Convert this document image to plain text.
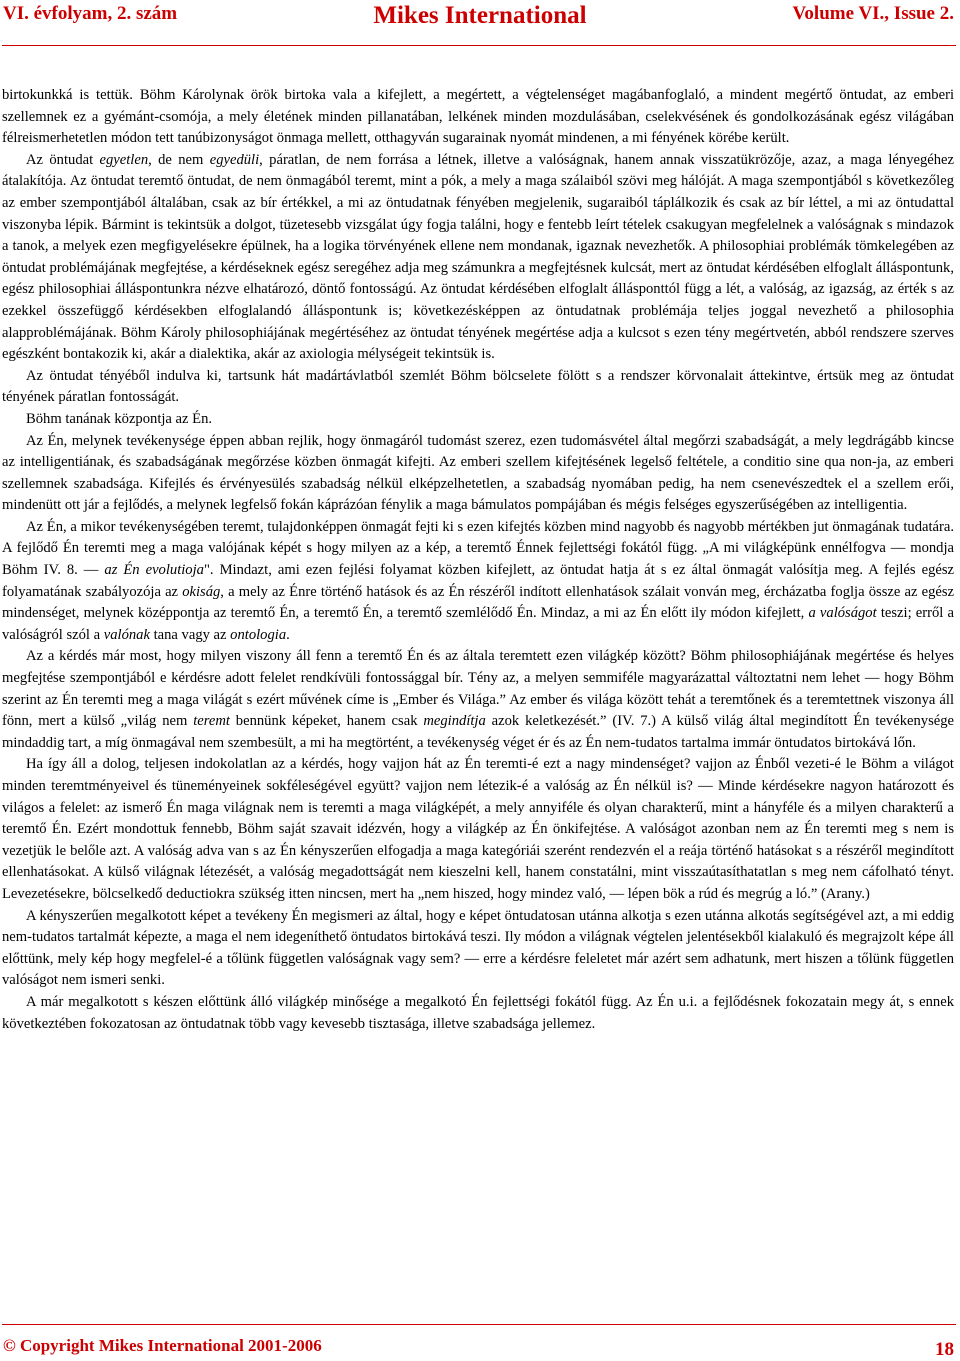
VI. évfolyam, 2. szám	Mikes International	Volume VI., Issue 2.

birtokunkká is tettük. Böhm Károlynak örök birtoka vala a kifejlett, a megértett, a végtelenséget magábanfoglaló, a mindent megértő öntudat, az emberi szellemnek ez a gyémánt-csomója, a mely életének minden pillanatában, lelkének minden mozdulásában, cselekvésének és gondolkozásának egész világában félreismerhetetlen módon tett tanúbizonyságot önmaga mellett, otthagyván sugarainak nyomát mindenen, a mi fényének körébe került.

Az öntudat egyetlen, de nem egyedüli, páratlan, de nem forrása a létnek, illetve a valóságnak, hanem annak visszatükrözője, azaz, a maga lényegéhez átalakítója. Az öntudat teremtő öntudat, de nem önmagából teremt, mint a pók, a mely a maga szálaiból szövi meg hálóját. A maga szempontjából s következőleg az ember szempontjából általában, csak az bír értékkel, a mi az öntudatnak fényében megjelenik, sugaraiból táplálkozik és csak az bír léttel, a mi az öntudattal viszonyba lépik. Bármint is tekintsük a dolgot, tüzetesebb vizsgálat úgy fogja találni, hogy e fentebb leírt tételek csakugyan megfelelnek a valóságnak s mindazok a tanok, a melyek ezen megfigyelésekre épülnek, ha a logika törvényének ellene nem mondanak, igaznak nevezhetők. A philosophiai problémák tömkelegében az öntudat problémájának megfejtése, a kérdéseknek egész seregéhez adja meg számunkra a megfejtésnek kulcsát, mert az öntudat kérdésében elfoglalt álláspontunk, egész philosophiai álláspontunkra nézve elhatározó, döntő fontosságú. Az öntudat kérdésében elfoglalt állásponttól függ a lét, a valóság, az igazság, az érték s az ezekkel összefüggő kérdésekben elfoglalandó álláspontunk is; következésképpen az öntudatnak problémája teljes joggal nevezhető a philosophia alapproblémájának. Böhm Károly philosophiájának megértéséhez az öntudat tényének megértése adja a kulcsot s ezen tény megértvetén, abból rendszere szerves egészként bontakozik ki, akár a dialektika, akár az axiologia mélységeit tekintsük is.

Az öntudat tényéből indulva ki, tartsunk hát madártávlatból szemlét Böhm bölcselete fölött s a rendszer körvonalait áttekintve, értsük meg az öntudat tényének páratlan fontosságát.

Böhm tanának központja az Én.

Az Én, melynek tevékenysége éppen abban rejlik, hogy önmagáról tudomást szerez, ezen tudomásvétel által megőrzi szabadságát, a mely legdrágább kincse az intelligentiának, és szabadságának megőrzése közben önmagát kifejti. Az emberi szellem kifejtésének legelső feltétele, a conditio sine qua non-ja, az emberi szellemnek szabadsága. Kifejlés és érvényesülés szabadság nélkül elképzelhetetlen, a szabadság nyomában pedig, ha nem csenevészedtek el a szellem erői, mindenütt ott jár a fejlődés, a melynek legfelső fokán káprázóan fénylik a maga bámulatos pompájában és mégis felséges egyszerűségében az intelligentia.

Az Én, a mikor tevékenységében teremt, tulajdonképpen önmagát fejti ki s ezen kifejtés közben mind nagyobb és nagyobb mértékben jut önmagának tudatára. A fejlődő Én teremti meg a maga valójának képét s hogy milyen az a kép, a teremtő Énnek fejlettségi fokától függ. „A mi világképünk ennélfogva — mondja Böhm IV. 8. — az Én evolutioja". Mindazt, ami ezen fejlési folyamat közben kifejlett, az öntudat hatja át s ez által önmagát valósítja meg. A fejlés egész folyamatának szabályozója az okiság, a mely az Énre történő hatások és az Én részéről indított ellenhatások szálait vonván meg, ércházatba foglja össze az egész mindenséget, melynek középpontja az teremtő Én, a teremtő Én, a teremtő szemlélődő Én. Mindaz, a mi az Én előtt ily módon kifejlett, a valóságot teszi; erről a valóságról szól a valónak tana vagy az ontologia.

Az a kérdés már most, hogy milyen viszony áll fenn a teremtő Én és az általa teremtett ezen világkép között? Böhm philosophiájának megértése és helyes megfejtése szempontjából e kérdésre adott felelet rendkívüli fontossággal bír. Tény az, a melyen semmiféle magyarázattal változtatni nem lehet — hogy Böhm szerint az Én teremti meg a maga világát s ezért művének címe is „Ember és Világa.” Az ember és világa között tehát a teremtőnek és a teremtettnek viszonya áll fönn, mert a külső „világ nem teremt bennünk képeket, hanem csak megindítja azok keletkezését.” (IV. 7.) A külső világ által megindított Én tevékenysége mindaddig tart, a míg önmagával nem szembesült, a mi ha megtörtént, a tevékenység véget ér és az Én nem-tudatos tartalma immár öntudatos birtokává lőn.

Ha így áll a dolog, teljesen indokolatlan az a kérdés, hogy vajjon hát az Én teremti-é ezt a nagy mindenséget? vajjon az Énből vezeti-é le Böhm a világot minden teremtményeivel és tüneményeinek sokféleségével együtt? vajjon nem létezik-é a valóság az Én nélkül is? — Minde kérdésekre nagyon határozott és világos a felelet: az ismerő Én maga világnak nem is teremti a maga világképét, a mely annyiféle és olyan charakterű, mint a hányféle és a milyen charakterű a teremtő Én. Ezért mondottuk fennebb, Böhm saját szavait idézvén, hogy a világkép az Én önkifejtése. A valóságot azonban nem az Én teremti meg s nem is vezetjük le belőle azt. A valóság adva van s az Én kényszerűen elfogadja a maga kategóriái szerént rendezvén el a reája történő hatásokat s a részéről megindított ellenhatásokat. A külső világnak létezését, a valóság megadottságát nem kieszelni kell, hanem constatálni, mint visszaútasíthatatlan s meg nem cáfolható tényt. Levezetésekre, bölcselkedő deductiokra szükség itten nincsen, mert ha „nem hiszed, hogy mindez való, — lépen bök a rúd és megrúg a ló.” (Arany.)

A kényszerűen megalkotott képet a tevékeny Én megismeri az által, hogy e képet öntudatosan utánna alkotja s ezen utánna alkotás segítségével azt, a mi eddig nem-tudatos tartalmát képezte, a maga el nem idegeníthető öntudatos birtokává teszi. Ily módon a világnak végtelen jelentésekből kialakuló és megrajzolt képe áll előttünk, mely kép hogy megfelel-é a tőlünk független valóságnak vagy sem? — erre a kérdésre feleletet már azért sem adhatunk, mert hiszen a tőlünk független valóságot nem ismeri senki.

A már megalkotott s készen előttünk álló világkép minősége a megalkotó Én fejlettségi fokától függ. Az Én u.i. a fejlődésnek fokozatain megy át, s ennek következtében fokozatosan az öntudatnak több vagy kevesebb tisztasága, illetve szabadsága jellemez.

© Copyright Mikes International 2001-2006	18
